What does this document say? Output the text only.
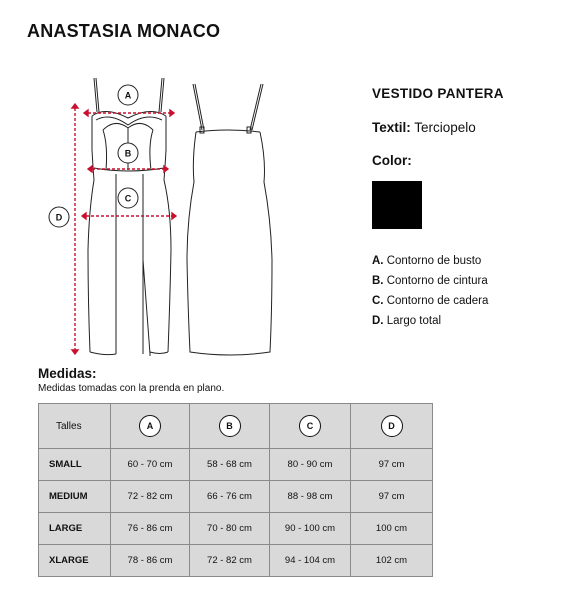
ANASTASIA MONACO
A
B
C
D
VESTIDO PANTERA
Textil: Terciopelo
Color:
A. Contorno de busto
B. Contorno de cintura
C. Contorno de cadera
D. Largo total
Medidas:
Medidas tomadas con la prenda en plano.
Talles	A	B	C	D
SMALL	60 - 70 cm	58 - 68 cm	80 - 90 cm	97 cm
MEDIUM	72 - 82 cm	66 - 76 cm	88 - 98 cm	97 cm
LARGE	76 - 86 cm	70 - 80 cm	90 - 100 cm	100 cm
XLARGE	78 - 86 cm	72 - 82 cm	94 - 104 cm	102 cm
